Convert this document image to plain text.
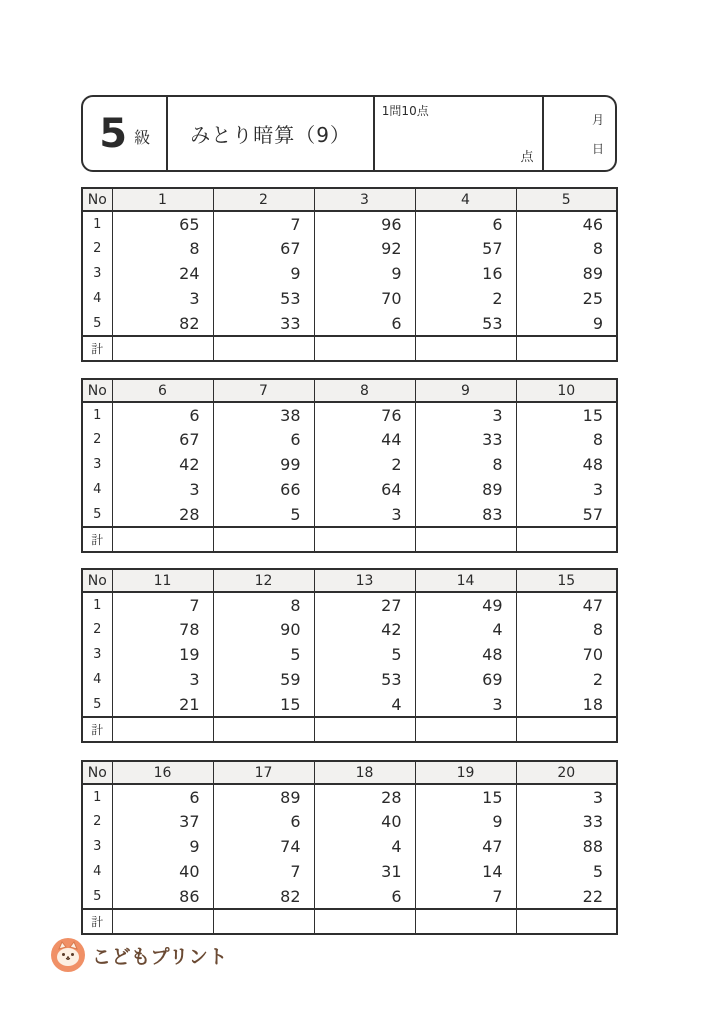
5 級 みとり暗算（9）
1問10点
点
月
日
No	1	2	3	4	5
1	65	7	96	6	46
2	8	67	92	57	8
3	24	9	9	16	89
4	3	53	70	2	25
5	82	33	6	53	9
計					
No	6	7	8	9	10
1	6	38	76	3	15
2	67	6	44	33	8
3	42	99	2	8	48
4	3	66	64	89	3
5	28	5	3	83	57
計					
No	11	12	13	14	15
1	7	8	27	49	47
2	78	90	42	4	8
3	19	5	5	48	70
4	3	59	53	69	2
5	21	15	4	3	18
計					
No	16	17	18	19	20
1	6	89	28	15	3
2	37	6	40	9	33
3	9	74	4	47	88
4	40	7	31	14	5
5	86	82	6	7	22
計					
こどもプリント
